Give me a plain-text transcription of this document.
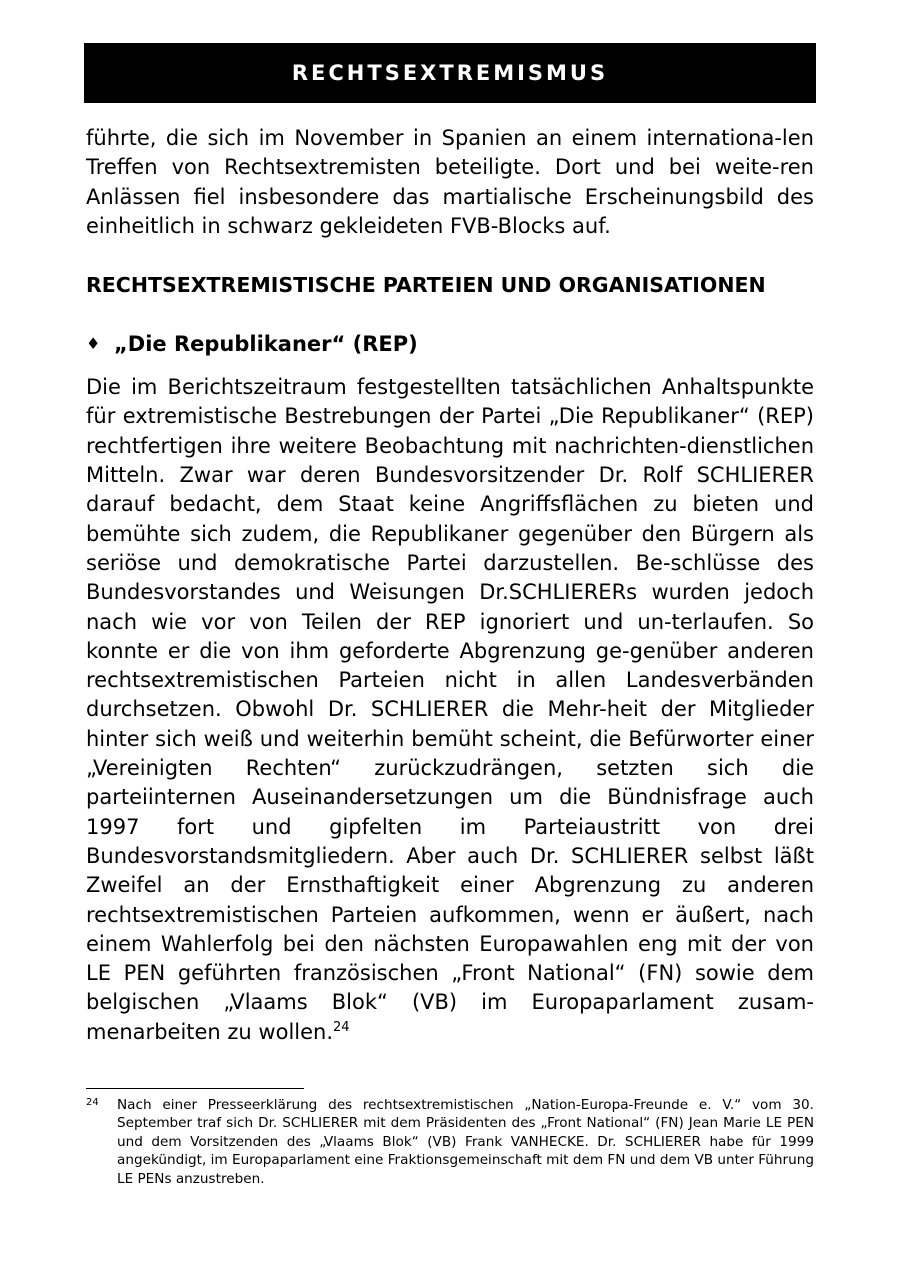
RECHTSEXTREMISMUS

führte, die sich im November in Spanien an einem internationa-len Treffen von Rechtsextremisten beteiligte. Dort und bei weite-ren Anlässen fiel insbesondere das martialische Erscheinungsbild des einheitlich in schwarz gekleideten FVB-Blocks auf.

RECHTSEXTREMISTISCHE PARTEIEN UND ORGANISATIONEN
♦ „Die Republikaner“ (REP)

Die im Berichtszeitraum festgestellten tatsächlichen Anhaltspunkte für extremistische Bestrebungen der Partei „Die Republikaner“ (REP) rechtfertigen ihre weitere Beobachtung mit nachrichten-dienstlichen Mitteln. Zwar war deren Bundesvorsitzender Dr. Rolf SCHLIERER darauf bedacht, dem Staat keine Angriffsflächen zu bieten und bemühte sich zudem, die Republikaner gegenüber den Bürgern als seriöse und demokratische Partei darzustellen. Be-schlüsse des Bundesvorstandes und Weisungen Dr.SCHLIERERs wurden jedoch nach wie vor von Teilen der REP ignoriert und un-terlaufen. So konnte er die von ihm geforderte Abgrenzung ge-genüber anderen rechtsextremistischen Parteien nicht in allen Landesverbänden durchsetzen. Obwohl Dr. SCHLIERER die Mehr-heit der Mitglieder hinter sich weiß und weiterhin bemüht scheint, die Befürworter einer „Vereinigten Rechten“ zurückzudrängen, setzten sich die parteiinternen Auseinandersetzungen um die Bündnisfrage auch 1997 fort und gipfelten im Parteiaustritt von drei Bundesvorstandsmitgliedern. Aber auch Dr. SCHLIERER selbst läßt Zweifel an der Ernsthaftigkeit einer Abgrenzung zu anderen rechtsextremistischen Parteien aufkommen, wenn er äußert, nach einem Wahlerfolg bei den nächsten Europawahlen eng mit der von LE PEN geführten französischen „Front National“ (FN) sowie dem belgischen „Vlaams Blok“ (VB) im Europaparlament zusam-menarbeiten zu wollen.$^{24}$

24 Nach einer Presseerklärung des rechtsextremistischen „Nation-Europa-Freunde e. V.“ vom 30. September traf sich Dr. SCHLIERER mit dem Präsidenten des „Front National“ (FN) Jean Marie LE PEN und dem Vorsitzenden des „Vlaams Blok“ (VB) Frank VANHECKE. Dr. SCHLIERER habe für 1999 angekündigt, im Europaparlament eine Fraktionsgemeinschaft mit dem FN und dem VB unter Führung LE PENs anzustreben.
